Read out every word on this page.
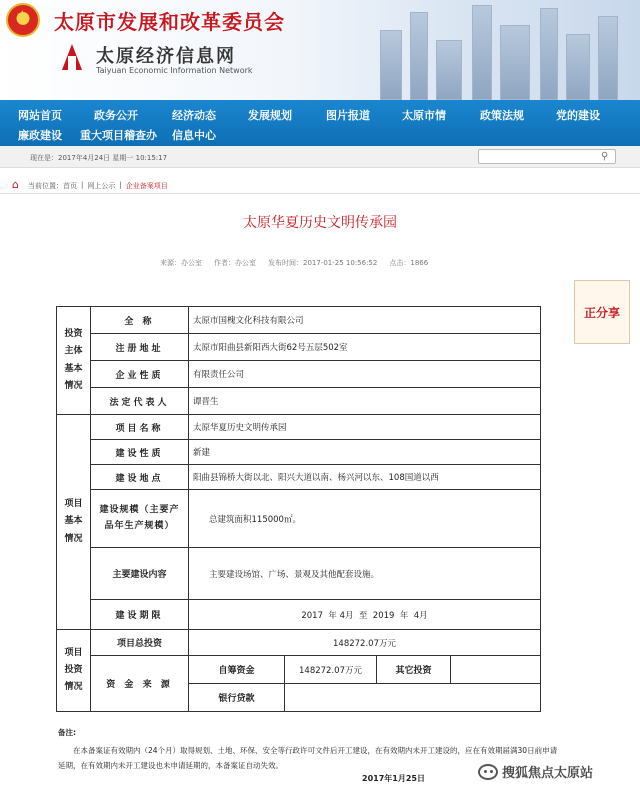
★
太原市发展和改革委员会
太原经济信息网
Taiyuan Economic Information Network
网站首页	政务公开	经济动态	发展规划	图片报道	太原市情	政策法规	党的建设
廉政建设	重大项目稽查办	信息中心
现在是：2017年4月24日 星期一 10:15:17	⚲
⌂ 当前位置：首页 | 网上公示 | 企业备案项目
太原华夏历史文明传承园
来源：办公室 作者：办公室 发布时间：2017-01-25 10:56:52 点击：1866
正分享
投资主体基本情况	全 称	太原市国槐文化科技有限公司			
	注册地址	太原市阳曲县新阳西大街62号五层502室			
	企业性质	有限责任公司			
	法定代表人	谭晋生			
项目基本情况	项目名称	太原华夏历史文明传承园			
	建设性质	新建			
	建设地点	阳曲县锦桥大街以北、阳兴大道以南、杨兴河以东、108国道以西			
	建设规模（主要产品年生产规模）	总建筑面积115000㎡。			
	主要建设内容	主要建设场馆、广场、景观及其他配套设施。			
	建设期限	2017  年 4月  至  2019  年  4月			
项目投资情况	项目总投资	148272.07万元			
	资 金 来 源	自筹资金	148272.07万元	其它投资	
		银行贷款			
备注:
在本备案证有效期内（24个月）取得规划、土地、环保、安全等行政许可文件后开工建设，在有效期内未开工建设的，应在有效期届满30日前申请延期，在有效期内未开工建设也未申请延期的，本备案证自动失效。
2017年1月25日	搜狐焦点太原站
